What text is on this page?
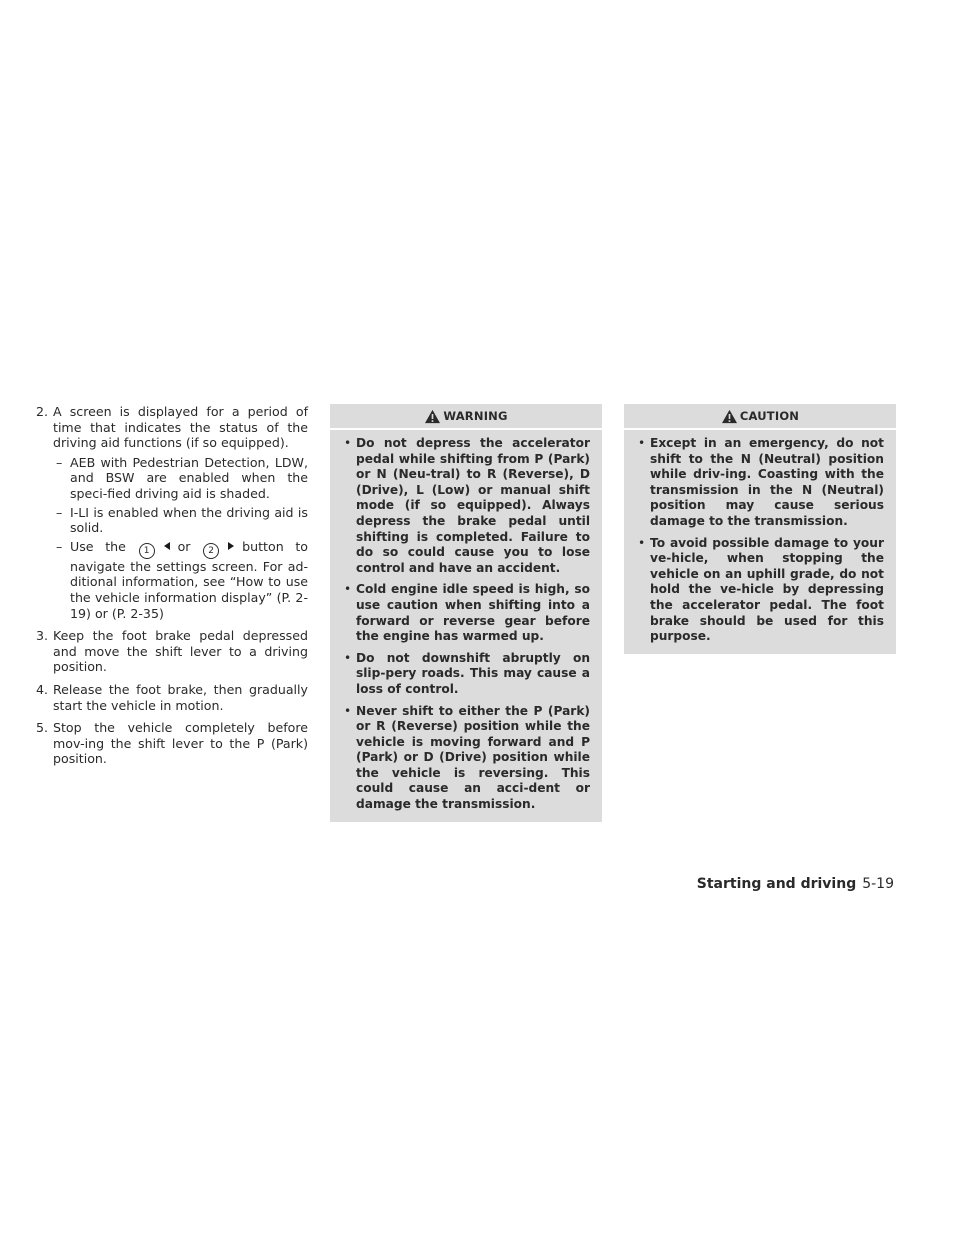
2. A screen is displayed for a period of time that indicates the status of the driving aid functions (if so equipped).
– AEB with Pedestrian Detection, LDW, and BSW are enabled when the speci-fied driving aid is shaded.
– I-LI is enabled when the driving aid is solid.
– Use the 1 or 2 button to navigate the settings screen. For ad-ditional information, see “How to use the vehicle information display” (P. 2-19) or (P. 2-35)
3. Keep the foot brake pedal depressed and move the shift lever to a driving position.
4. Release the foot brake, then gradually start the vehicle in motion.
5. Stop the vehicle completely before mov-ing the shift lever to the P (Park) position.
WARNING
• Do not depress the accelerator pedal while shifting from P (Park) or N (Neu-tral) to R (Reverse), D (Drive), L (Low) or manual shift mode (if so equipped). Always depress the brake pedal until shifting is completed. Failure to do so could cause you to lose control and have an accident.
• Cold engine idle speed is high, so use caution when shifting into a forward or reverse gear before the engine has warmed up.
• Do not downshift abruptly on slip-pery roads. This may cause a loss of control.
• Never shift to either the P (Park) or R (Reverse) position while the vehicle is moving forward and P (Park) or D (Drive) position while the vehicle is reversing. This could cause an acci-dent or damage the transmission.
CAUTION
• Except in an emergency, do not shift to the N (Neutral) position while driv-ing. Coasting with the transmission in the N (Neutral) position may cause serious damage to the transmission.
• To avoid possible damage to your ve-hicle, when stopping the vehicle on an uphill grade, do not hold the ve-hicle by depressing the accelerator pedal. The foot brake should be used for this purpose.
Starting and driving 5-19
